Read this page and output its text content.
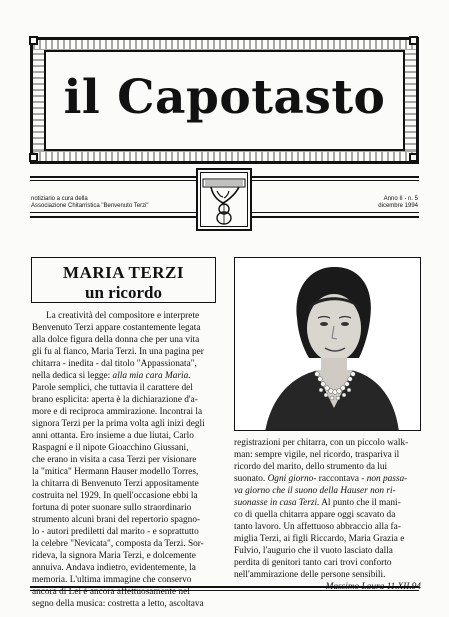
il Capotasto
notiziario a cura della
Associazione Chitarristica "Benvenuto Terzi"
Anno II - n. 5
dicembre 1994
MARIA TERZI
un ricordo

La creatività del compositore e interprete

Benvenuto Terzi appare costantemente legata

alla dolce figura della donna che per una vita

gli fu al fianco, Maria Terzi. In una pagina per

chitarra - inedita - dal titolo "Appassionata",

nella dedica si legge: alla mia cara Maria.

Parole semplici, che tuttavia il carattere del

brano esplicita: aperta è la dichiarazione d'a-

more e di reciproca ammirazione. Incontrai la

signora Terzi per la prima volta agli inizi degli

anni ottanta. Ero insieme a due liutai, Carlo

Raspagni e il nipote Gioacchino Giussani,

che erano in visita a casa Terzi per visionare

la "mitica" Hermann Hauser modello Torres,

la chitarra di Benvenuto Terzi appositamente

costruita nel 1929. In quell'occasione ebbi la

fortuna di poter suonare sullo straordinario

strumento alcuni brani del repertorio spagno-

lo - autori prediletti dal marito - e soprattutto

la celebre "Nevicata", composta da Terzi. Sor-

rideva, la signora Maria Terzi, e dolcemente

annuiva. Andava indietro, evidentemente, la

memoria. L'ultima immagine che conservo

ancora di Lei è ancora affettuosamente nel

segno della musica: costretta a letto, ascoltava

registrazioni per chitarra, con un piccolo walk-

man: sempre vigile, nel ricordo, traspariva il

ricordo del marito, dello strumento da lui

suonato. Ogni giorno- raccontava - non passa-

va giorno che il suono della Hauser non ri-

suonasse in casa Terzi. Al punto che il mani-

co di quella chitarra appare oggi scavato da

tanto lavoro. Un affettuoso abbraccio alla fa-

miglia Terzi, ai figli Riccardo, Maria Grazia e

Fulvio, l'augurio che il vuoto lasciato dalla

perdita di genitori tanto cari trovi conforto

nell'ammirazione delle persone sensibili.

Massimo Laura 11.XII.94
